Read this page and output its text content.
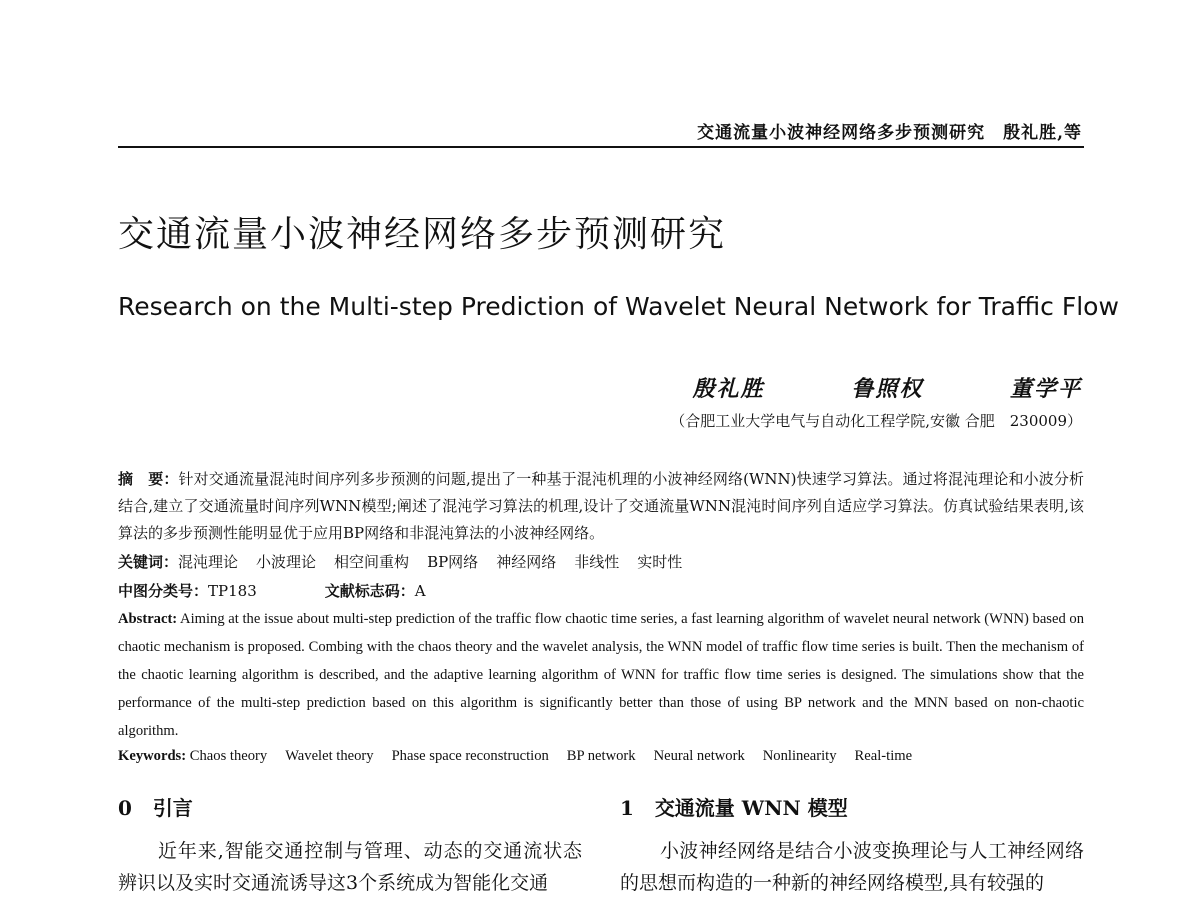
交通流量小波神经网络多步预测研究　殷礼胜,等
交通流量小波神经网络多步预测研究
Research on the Multi-step Prediction of Wavelet Neural Network for Traffic Flow
殷礼胜	鲁照权	董学平
（合肥工业大学电气与自动化工程学院,安徽 合肥　230009）
摘　要：针对交通流量混沌时间序列多步预测的问题,提出了一种基于混沌机理的小波神经网络(WNN)快速学习算法。通过将混沌理论和小波分析结合,建立了交通流量时间序列WNN模型;阐述了混沌学习算法的机理,设计了交通流量WNN混沌时间序列自适应学习算法。仿真试验结果表明,该算法的多步预测性能明显优于应用BP网络和非混沌算法的小波神经网络。
关键词：混沌理论 小波理论 相空间重构 BP网络 神经网络 非线性 实时性
中图分类号：TP183	文献标志码：A
Abstract: Aiming at the issue about multi-step prediction of the traffic flow chaotic time series, a fast learning algorithm of wavelet neural network (WNN) based on chaotic mechanism is proposed. Combing with the chaos theory and the wavelet analysis, the WNN model of traffic flow time series is built. Then the mechanism of the chaotic learning algorithm is described, and the adaptive learning algorithm of WNN for traffic flow time series is designed. The simulations show that the performance of the multi-step prediction based on this algorithm is significantly better than those of using BP network and the MNN based on non-chaotic algorithm.
Keywords: Chaos theory Wavelet theory Phase space reconstruction BP network Neural network Nonlinearity Real-time
0 引言	1 交通流量 WNN 模型
近年来,智能交通控制与管理、动态的交通流状态辨识以及实时交通流诱导这3个系统成为智能化交通
小波神经网络是结合小波变换理论与人工神经网络的思想而构造的一种新的神经网络模型,具有较强的
